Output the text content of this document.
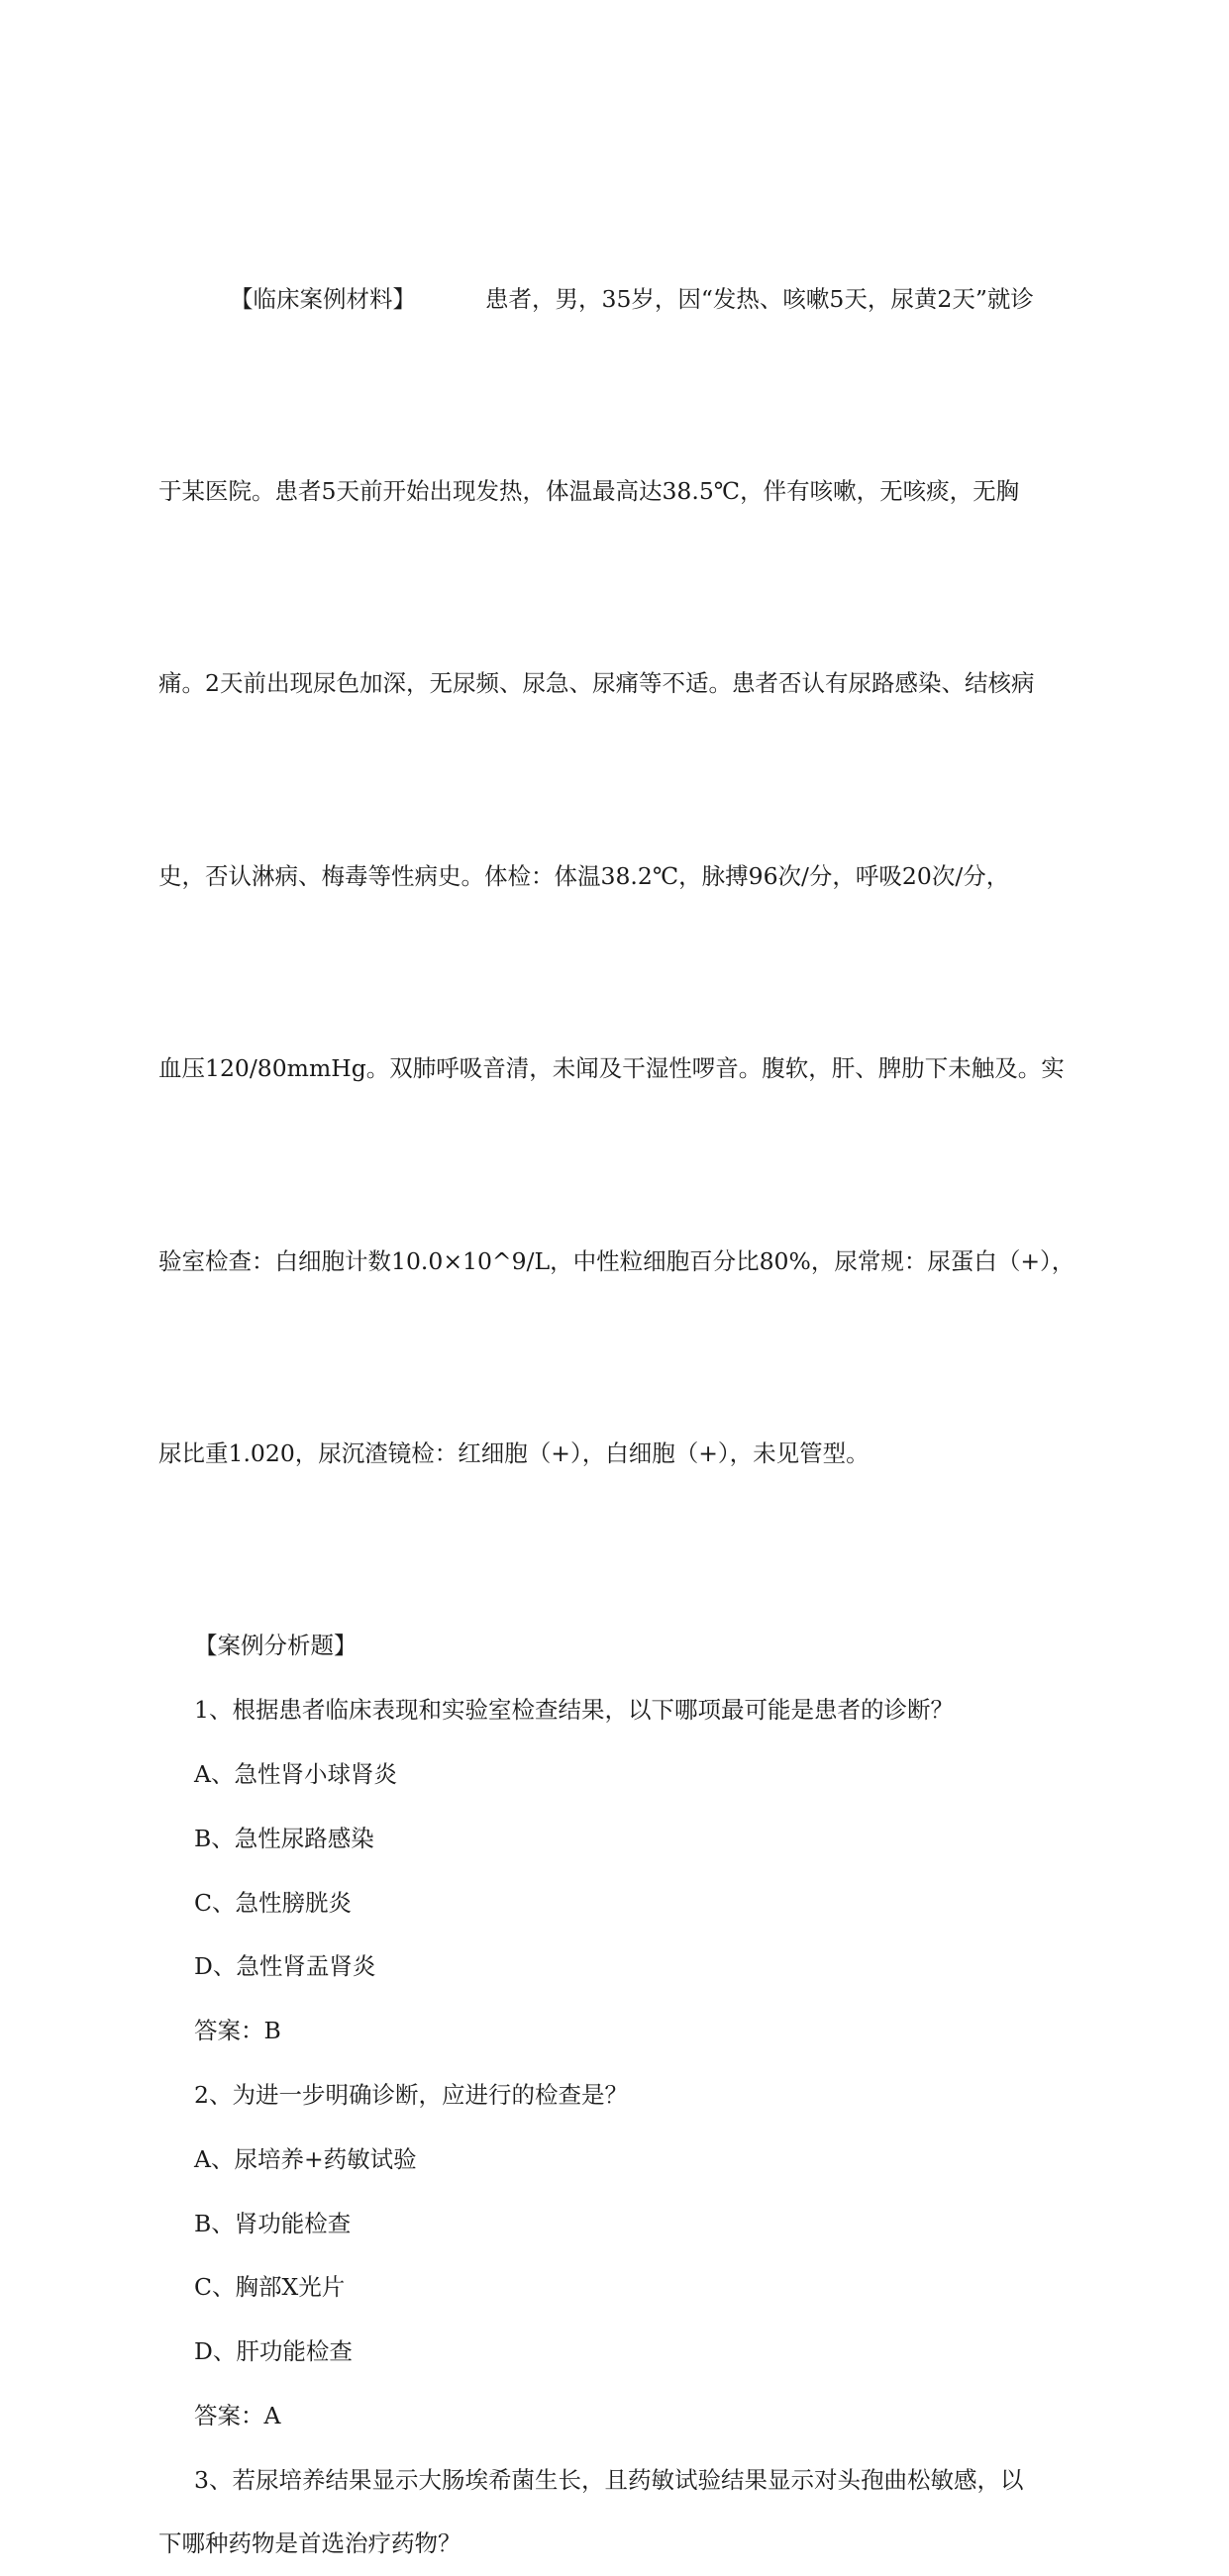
【临床案例材料】	患者，男，35岁，因“发热、咳嗽5天，尿黄2天”就诊

于某医院。患者5天前开始出现发热，体温最高达38.5℃，伴有咳嗽，无咳痰，无胸

痛。2天前出现尿色加深，无尿频、尿急、尿痛等不适。患者否认有尿路感染、结核病

史，否认淋病、梅毒等性病史。体检：体温38.2℃，脉搏96次/分，呼吸20次/分，

血压120/80mmHg。双肺呼吸音清，未闻及干湿性啰音。腹软，肝、脾肋下未触及。实

验室检查：白细胞计数10.0×10^9/L，中性粒细胞百分比80%，尿常规：尿蛋白（+），

尿比重1.020，尿沉渣镜检：红细胞（+），白细胞（+），未见管型。

【案例分析题】
1、根据患者临床表现和实验室检查结果，以下哪项最可能是患者的诊断？
A、急性肾小球肾炎
B、急性尿路感染
C、急性膀胱炎
D、急性肾盂肾炎
答案：B
2、为进一步明确诊断，应进行的检查是？
A、尿培养+药敏试验
B、肾功能检查
C、胸部X光片
D、肝功能检查
答案：A
3、若尿培养结果显示大肠埃希菌生长，且药敏试验结果显示对头孢曲松敏感，以
下哪种药物是首选治疗药物？
